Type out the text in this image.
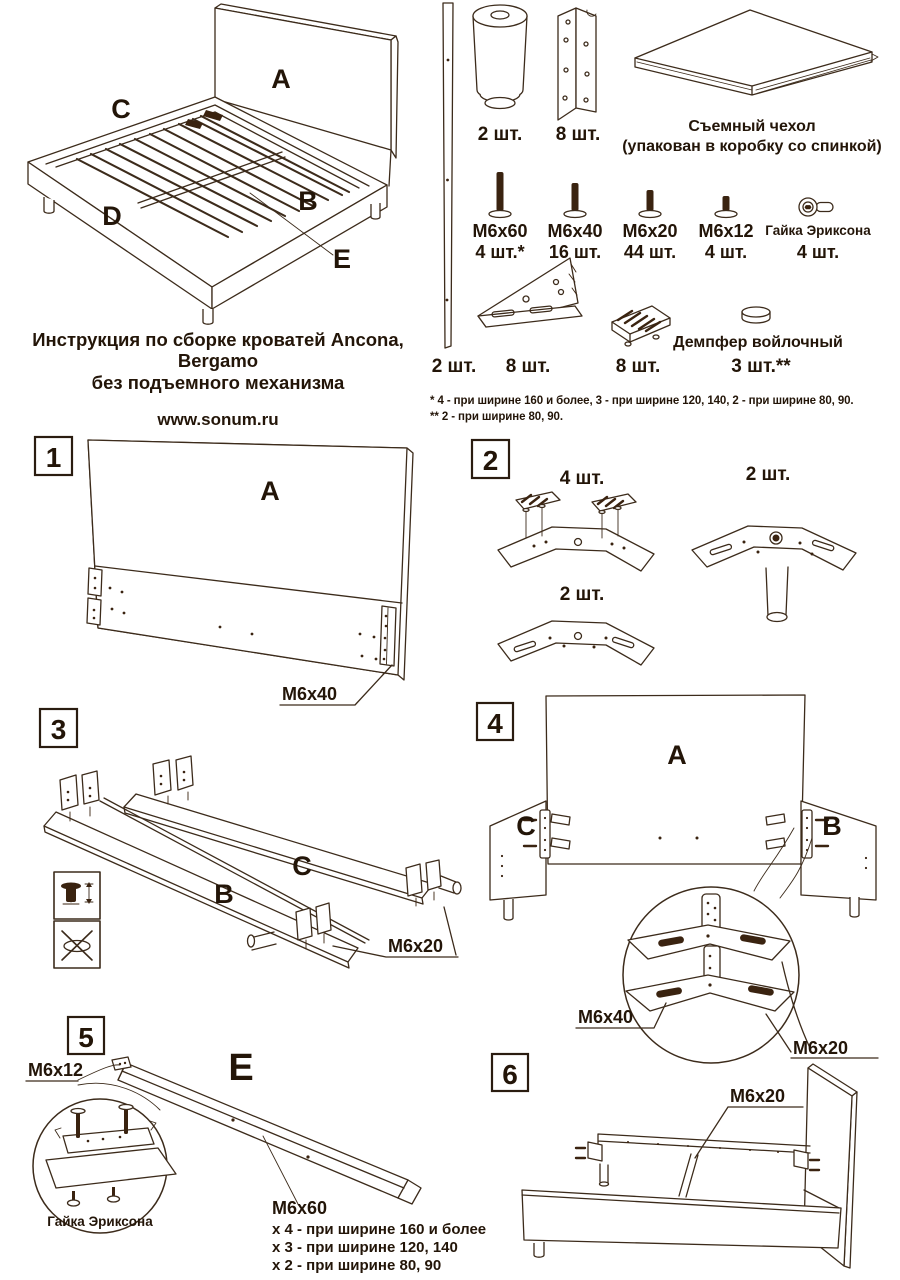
A
C
D	B
E
Инструкция по сборке кроватей Ancona, Bergamo
без подъемного механизма
www.sonum.ru
2 шт.
2 шт. 8 шт.	Съемный чехол
(упакован в коробку со спинкой)
M6x60 M6x40 M6x20 M6x12 Гайка Эриксона
4 шт.* 16 шт. 44 шт. 4 шт.	4 шт.
8 шт.	8 шт.
Демпфер войлочный
3 шт.**
* 4 - при ширине 160 и более, 3 - при ширине 120, 140, 2 - при ширине 80, 90.
** 2 - при ширине 80, 90.
1
A
M6x40
2
4 шт.
2 шт.
2 шт.
3
C
B
M6x20
4
A
C	B
M6x40
M6x20
5
E
M6x12
Гайка Эриксона
M6x60
x 4 - при ширине 160 и более
x 3 - при ширине 120, 140
x 2 - при ширине 80, 90
6
M6x20
